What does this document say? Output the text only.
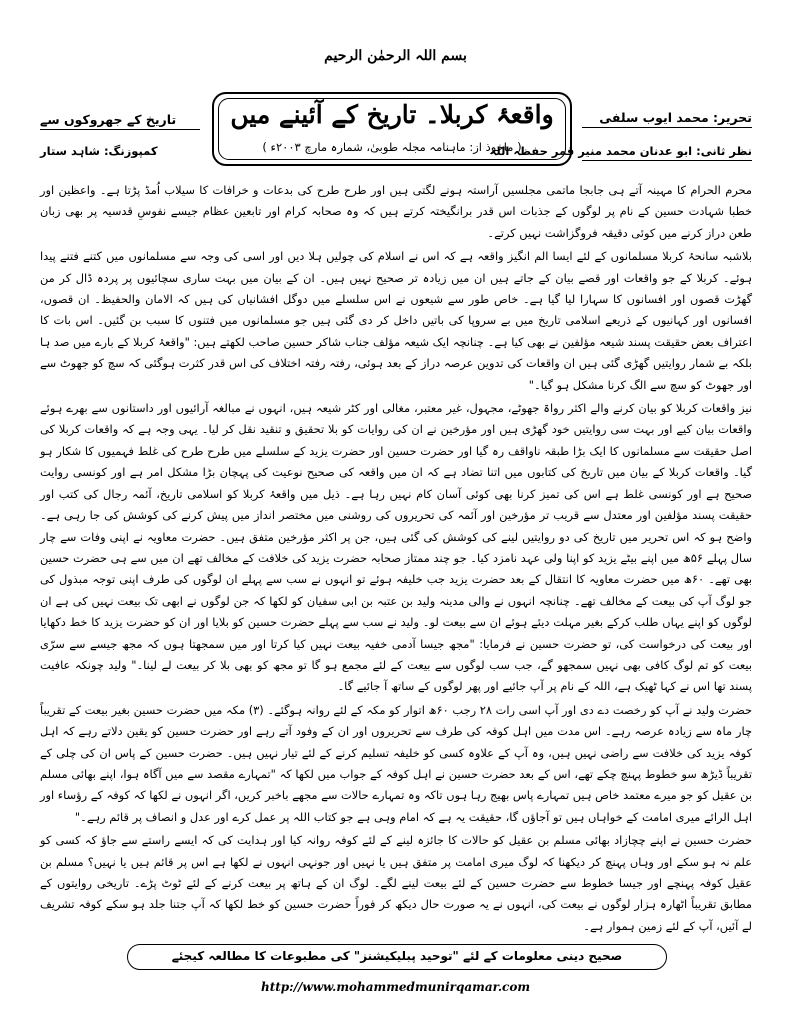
بسم اللہ الرحمٰن الرحیم
تاریخ کے جھروکوں سے
کمپوزنگ: شاہد ستار
واقعۂ کربلا۔ تاریخ کے آئینے میں
( ماخوذ از: ماہنامہ مجلہ طوبیٰ، شمارہ مارچ ۲۰۰۳ء )
تحریر: محمد ایوب سلفی
نظر ثانی: ابو عدنان محمد منیر قمر حفظہ اللہ

محرم الحرام کا مہینہ آتے ہی جابجا ماتمی مجلسیں آراستہ ہونے لگتی ہیں اور طرح طرح کی بدعات و خرافات کا سیلاب اُمڈ پڑتا ہے۔ واعظین اور خطبا شہادت حسین کے نام پر لوگوں کے جذبات اس قدر برانگیختہ کرتے ہیں کہ وہ صحابہ کرام اور تابعین عظام جیسے نفوسِ قدسیہ پر بھی زبان طعن دراز کرنے میں کوئی دقیقہ فروگزاشت نہیں کرتے۔

بلاشبہ سانحۂ کربلا مسلمانوں کے لئے ایسا الم انگیز واقعہ ہے کہ اس نے اسلام کی چولیں ہلا دیں اور اسی کی وجہ سے مسلمانوں میں کتنے فتنے پیدا ہوئے۔ کربلا کے جو واقعات اور قصے بیان کے جاتے ہیں ان میں زیادہ تر صحیح نہیں ہیں۔ ان کے بیان میں بہت ساری سچائیوں پر پردہ ڈال کر من گھڑت قصوں اور افسانوں کا سہارا لیا گیا ہے۔ خاص طور سے شیعوں نے اس سلسلے میں دوگل افشانیاں کی ہیں کہ الامان والحفیظ۔ ان قصوں، افسانوں اور کہانیوں کے ذریعے اسلامی تاریخ میں بے سروپا کی باتیں داخل کر دی گئی ہیں جو مسلمانوں میں فتنوں کا سبب بن گئیں۔ اس بات کا اعتراف بعض حقیقت پسند شیعہ مؤلفین نے بھی کیا ہے۔ چنانچہ ایک شیعہ مؤلف جناب شاکر حسین صاحب لکھتے ہیں: "واقعۂ کربلا کے بارے میں صد ہا بلکہ بے شمار روایتیں گھڑی گئی ہیں ان واقعات کی تدوین عرصہ دراز کے بعد ہوئی، رفتہ رفتہ اختلاف کی اس قدر کثرت ہوگئی کہ سچ کو جھوٹ سے اور جھوٹ کو سچ سے الگ کرنا مشکل ہو گیا۔"

نیز واقعات کربلا کو بیان کرنے والے اکثر رواۃ جھوٹے، مجہول، غیر معتبر، مغالی اور کٹر شیعہ ہیں، انہوں نے مبالغہ آرائیوں اور داستانوں سے بھرے ہوئے واقعات بیان کیے اور بہت سی روایتیں خود گھڑی ہیں اور مؤرخین نے ان کی روایات کو بلا تحقیق و تنقید نقل کر لیا۔ یہی وجہ ہے کہ واقعات کربلا کی اصل حقیقت سے مسلمانوں کا ایک بڑا طبقہ ناواقف رہ گیا اور حضرت حسین اور حضرت یزید کے سلسلے میں طرح طرح کی غلط فہمیوں کا شکار ہو گیا۔ واقعات کربلا کے بیان میں تاریخ کی کتابوں میں اتنا تضاد ہے کہ ان میں واقعہ کی صحیح نوعیت کی پہچان بڑا مشکل امر ہے اور کونسی روایت صحیح ہے اور کونسی غلط ہے اس کی تمیز کرنا بھی کوئی آسان کام نہیں رہا ہے۔ ذیل میں واقعۂ کربلا کو اسلامی تاریخ، آئمہ رجال کی کتب اور حقیقت پسند مؤلفین اور معتدل سے قریب تر مؤرخین اور آئمہ کی تحریروں کی روشنی میں مختصر انداز میں پیش کرنے کی کوشش کی جا رہی ہے۔ واضح ہو کہ اس تحریر میں تاریخ کی دو روایتیں لینے کی کوشش کی گئی ہیں، جن پر اکثر مؤرخین متفق ہیں۔ حضرت معاویہ نے اپنی وفات سے چار سال پہلے ۵۶ھ میں اپنے بیٹے یزید کو اپنا ولی عہد نامزد کیا۔ جو چند ممتاز صحابہ حضرت یزید کی خلافت کے مخالف تھے ان میں سے ہی حضرت حسین بھی تھے۔ ۶۰ھ میں حضرت معاویہ کا انتقال کے بعد حضرت یزید جب خلیفہ ہوئے تو انہوں نے سب سے پہلے ان لوگوں کی طرف اپنی توجہ مبذول کی جو لوگ آپ کی بیعت کے مخالف تھے۔ چنانچہ انہوں نے والی مدینہ ولید بن عتبہ بن ابی سفیان کو لکھا کہ جن لوگوں نے ابھی تک بیعت نہیں کی ہے ان لوگوں کو اپنے یہاں طلب کرکے بغیر مہلت دیئے ہوئے ان سے بیعت لو۔ ولید نے سب سے پہلے حضرت حسین کو بلایا اور ان کو حضرت یزید کا خط دکھایا اور بیعت کی درخواست کی، تو حضرت حسین نے فرمایا: "مجھ جیسا آدمی خفیہ بیعت نہیں کیا کرتا اور میں سمجھتا ہوں کہ مجھ جیسے سے سرّی بیعت کو تم لوگ کافی بھی نہیں سمجھو گے، جب سب لوگوں سے بیعت کے لئے مجمع ہو گا تو مجھ کو بھی بلا کر بیعت لے لینا۔" ولید چونکہ عافیت پسند تھا اس نے کہا ٹھیک ہے، اللہ کے نام پر آپ جائیے اور پھر لوگوں کے ساتھ آ جائیے گا۔

حضرت ولید نے آپ کو رخصت دے دی اور آپ اسی رات ۲۸ رجب ۶۰ھ اتوار کو مکہ کے لئے روانہ ہوگئے۔ (۳) مکہ میں حضرت حسین بغیر بیعت کے تقریباً چار ماہ سے زیادہ عرصہ رہے۔ اس مدت میں اہل کوفہ کی طرف سے تحریروں اور ان کے وفود آتے رہے اور حضرت حسین کو یقین دلاتے رہے کہ اہل کوفہ یزید کی خلافت سے راضی نہیں ہیں، وہ آپ کے علاوہ کسی کو خلیفہ تسلیم کرنے کے لئے تیار نہیں ہیں۔ حضرت حسین کے پاس ان کی چلی کے تقریباً ڈیڑھ سو خطوط پہنچ چکے تھے، اس کے بعد حضرت حسین نے اہل کوفہ کے جواب میں لکھا کہ "تمہارے مقصد سے میں آگاہ ہوا، اپنے بھائی مسلم بن عقیل کو جو میرے معتمد خاص ہیں تمہارے پاس بھیج رہا ہوں تاکہ وہ تمہارے حالات سے مجھے باخبر کریں، اگر انہوں نے لکھا کہ کوفہ کے رؤساء اور اہل الرائے میری امامت کے خواہاں ہیں تو آجاؤں گا، حقیقت یہ ہے کہ امام وہی ہے جو کتاب اللہ پر عمل کرے اور عدل و انصاف پر قائم رہے۔"

حضرت حسین نے اپنے چچازاد بھائی مسلم بن عقیل کو حالات کا جائزہ لینے کے لئے کوفہ روانہ کیا اور ہدایت کی کہ ایسے راستے سے جاؤ کہ کسی کو علم نہ ہو سکے اور وہاں پہنچ کر دیکھنا کہ لوگ میری امامت پر متفق ہیں یا نہیں اور جونہی انہوں نے لکھا ہے اس پر قائم ہیں یا نہیں؟ مسلم بن عقیل کوفہ پہنچے اور جیسا خطوط سے حضرت حسین کے لئے بیعت لینے لگے۔ لوگ ان کے ہاتھ پر بیعت کرنے کے لئے ٹوٹ پڑے۔ تاریخی روایتوں کے مطابق تقریباً اٹھارہ ہزار لوگوں نے بیعت کی، انہوں نے یہ صورت حال دیکھ کر فوراً حضرت حسین کو خط لکھا کہ آپ جتنا جلد ہو سکے کوفہ تشریف لے آئیں، آپ کے لئے زمین ہموار ہے۔

صحیح دینی معلومات کے لئے "توحید پبلیکیشنز" کی مطبوعات کا مطالعہ کیجئے
http://www.mohammedmunirqamar.com
